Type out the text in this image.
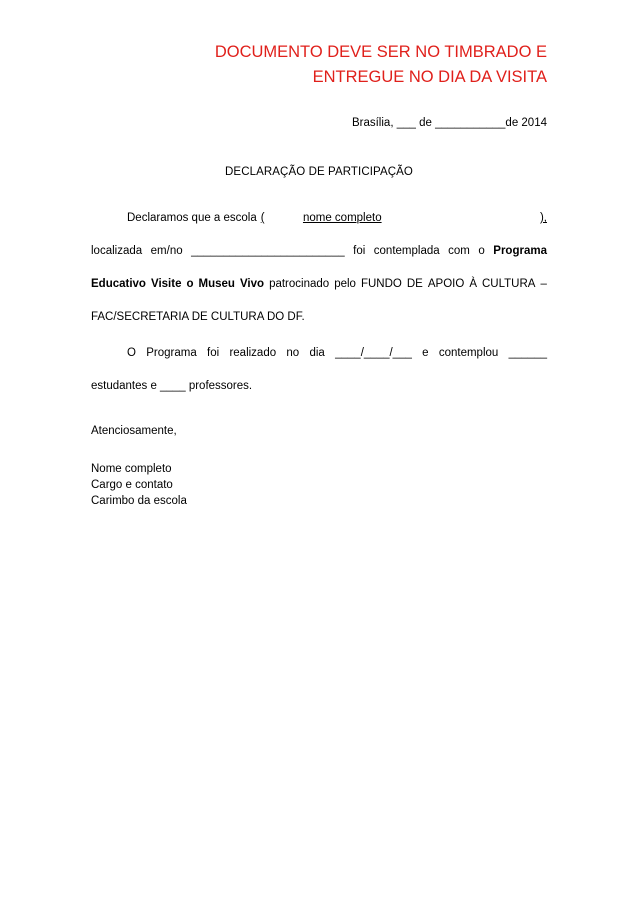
DOCUMENTO DEVE SER NO TIMBRADO E
ENTREGUE NO DIA DA VISITA
Brasília, ___ de ___________de 2014
DECLARAÇÃO DE PARTICIPAÇÃO
Declaramos que a escola (	nome completo	),
localizada em/no ________________________ foi contemplada com o Programa
Educativo Visite o Museu Vivo patrocinado pelo FUNDO DE APOIO À CULTURA –
FAC/SECRETARIA DE CULTURA DO DF.
O Programa foi realizado no dia ____/____/___ e contemplou ______
estudantes e ____ professores.
Atenciosamente,
Nome completo
Cargo e contato
Carimbo da escola
